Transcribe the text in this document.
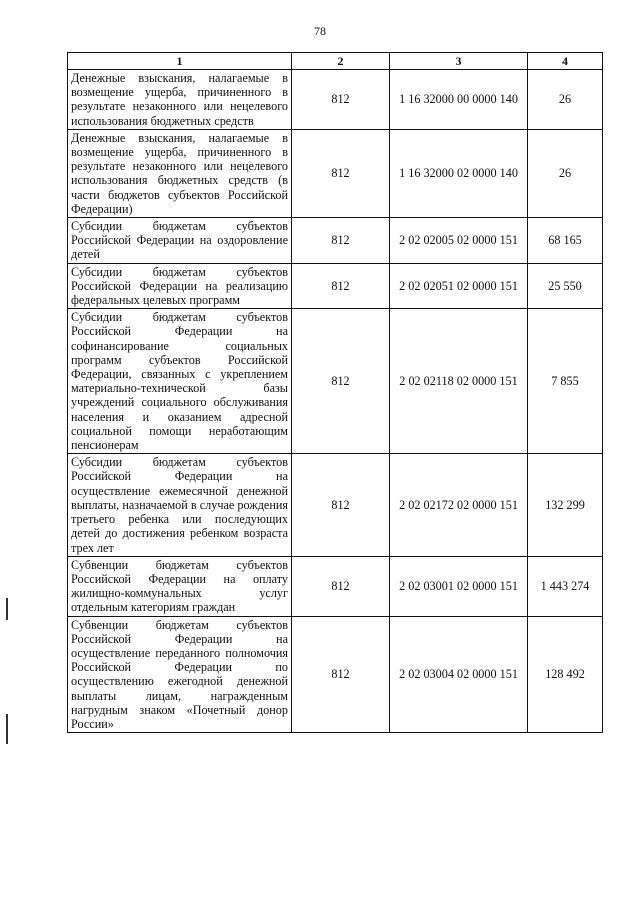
78
1	2	3	4
Денежные взыскания, налагаемые в возмещение ущерба, причиненного в результате незаконного или нецелевого использования бюджетных средств	812	1 16 32000 00 0000 140	26
Денежные взыскания, налагаемые в возмещение ущерба, причиненного в результате незаконного или нецелевого использования бюджетных средств (в части бюджетов субъектов Российской Федерации)	812	1 16 32000 02 0000 140	26
Субсидии бюджетам субъектов Российской Федерации на оздоровление детей	812	2 02 02005 02 0000 151	68 165
Субсидии бюджетам субъектов Российской Федерации на реализацию федеральных целевых программ	812	2 02 02051 02 0000 151	25 550
Субсидии бюджетам субъектов Российской Федерации на софинансирование социальных программ субъектов Российской Федерации, связанных с укреплением материально-технической базы учреждений социального обслуживания населения и оказанием адресной социальной помощи неработающим пенсионерам	812	2 02 02118 02 0000 151	7 855
Субсидии бюджетам субъектов Российской Федерации на осуществление ежемесячной денежной выплаты, назначаемой в случае рождения третьего ребенка или последующих детей до достижения ребенком возраста трех лет	812	2 02 02172 02 0000 151	132 299
Субвенции бюджетам субъектов Российской Федерации на оплату жилищно-коммунальных услуг отдельным категориям граждан	812	2 02 03001 02 0000 151	1 443 274
Субвенции бюджетам субъектов Российской Федерации на осуществление переданного полномочия Российской Федерации по осуществлению ежегодной денежной выплаты лицам, награжденным нагрудным знаком «Почетный донор России»	812	2 02 03004 02 0000 151	128 492
